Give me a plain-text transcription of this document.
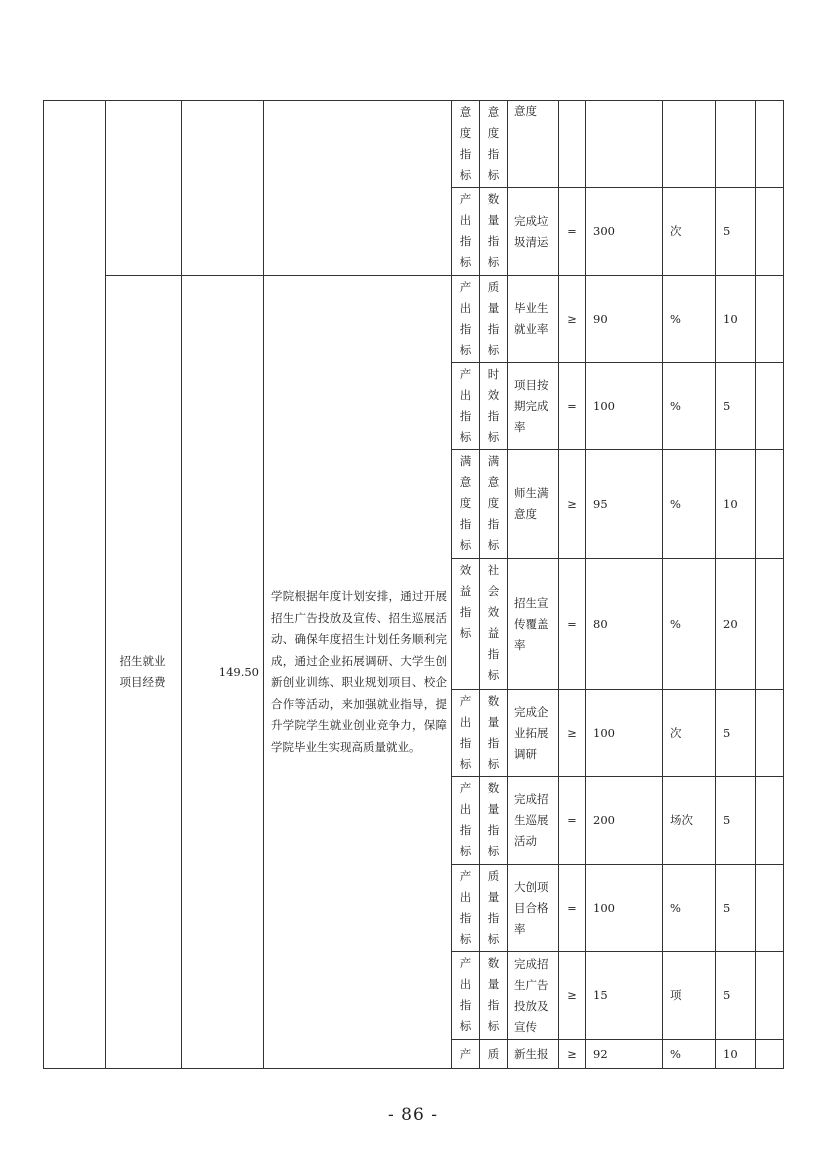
				意度指标	意度指标	意度					

				产出指标	数量指标	完成垃圾清运	=	300	次	5	
	招生就业项目经费	149.50	学院根据年度计划安排，通过开展招生广告投放及宣传、招生巡展活动、确保年度招生计划任务顺利完成，通过企业拓展调研、大学生创新创业训练、职业规划项目、校企合作等活动，来加强就业指导，提升学院学生就业创业竞争力，保障学院毕业生实现高质量就业。	产出指标	质量指标	毕业生就业率	≥	90	%	10	

				产出指标	时效指标	项目按期完成率	=	100	%	5	

				满意度指标	满意度指标	师生满意度	≥	95	%	10	

				效益指标	社会效益指标	招生宣传覆盖率	=	80	%	20	

				产出指标	数量指标	完成企业拓展调研	≥	100	次	5	

				产出指标	数量指标	完成招生巡展活动	=	200	场次	5	

				产出指标	质量指标	大创项目合格率	=	100	%	5	

				产出指标	数量指标	完成招生广告投放及宣传	≥	15	项	5	

				产	质	新生报	≥	92	%	10	
- 86 -
